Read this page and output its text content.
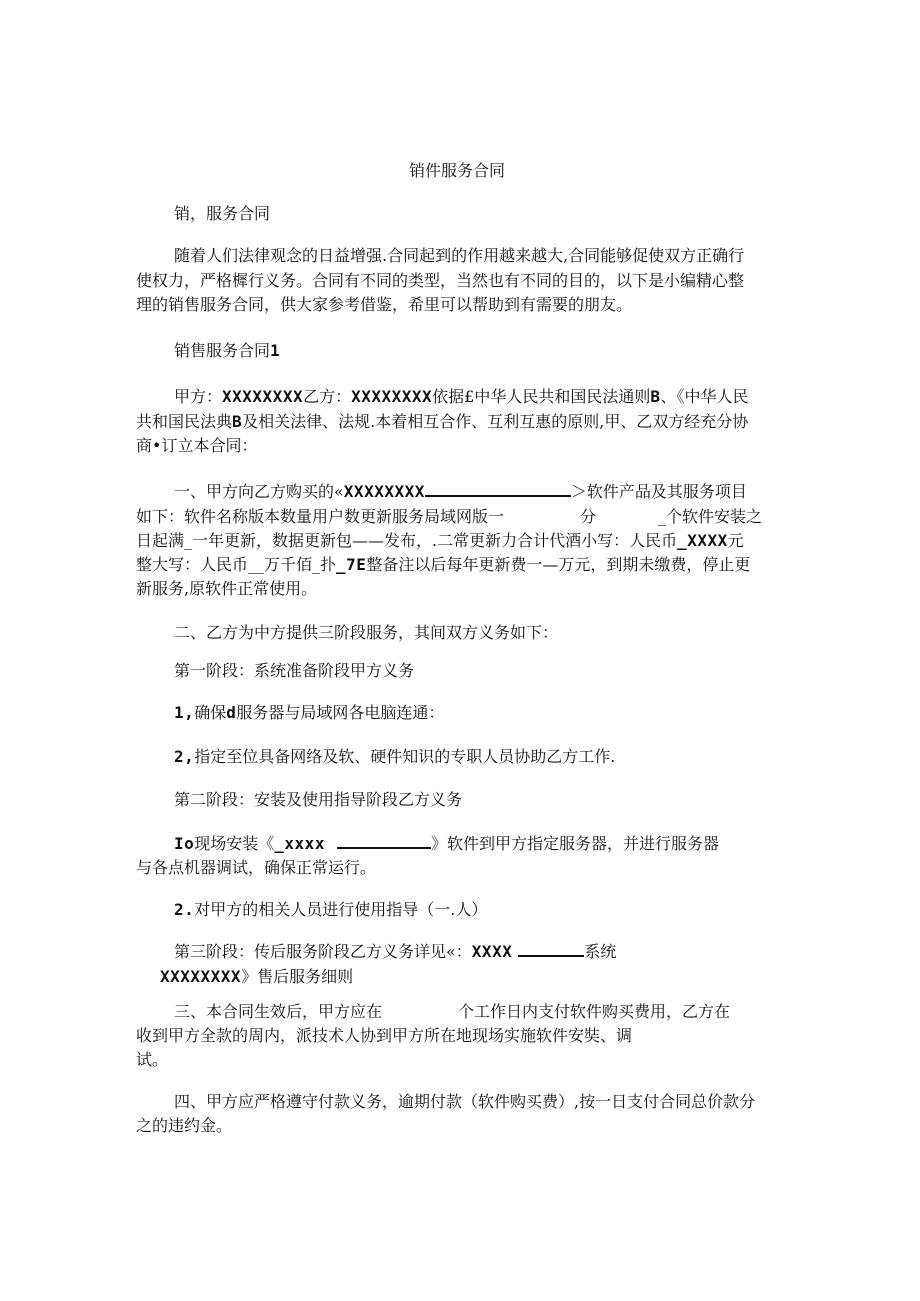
销件服务合同
销，服务合同
随着人们法律观念的日益增强.合同起到的作用越来越大,合同能够促使双方正确行
使权力，严格樨行义务。合同有不同的类型，当然也有不同的目的，以下是小编精心整
理的销售服务合同，供大家参考借鉴，希里可以帮助到有需要的朋友。
销售服务合同1
甲方：XXXXXXXX乙方：XXXXXXXX依据£中华人民共和国民法通则B、《中华人民
共和国民法典B及相关法律、法规.本着相互合作、互利互惠的原则,甲、乙双方经充分协
商•订立本合同：
一、甲方向乙方购买的«XXXXXXXX	＞软件产品及其服务项目
如下：软件名称版本数量用户数更新服务局域网版一	分	_个软件安装之
日起满_一年更新，数据更新包——发布，.二常更新力合计代酒小写：人民币_XXXX元
整大写：人民币__万千佰_扑_7E整备注以后每年更新费一—万元，到期未缴费，停止更
新服务,原软件正常使用。
二、乙方为中方提供三阶段服务，其间双方义务如下：
第一阶段：系统准备阶段甲方义务
1,确保d服务器与局域网各电脑连通：
2,指定至位具备网络及软、硬件知识的专职人员协助乙方工作.
第二阶段：安装及使用指导阶段乙方义务
Io现场安装《_xxxx	》软件到甲方指定服务器，并进行服务器
与各点机器调试，确保正常运行。
2.对甲方的相关人员进行使用指导（一.人）
第三阶段：传后服务阶段乙方义务详见«：XXXX	系统
XXXXXXXX》售后服务细则
三、本合同生效后，甲方应在	个工作日内支付软件购买费用，乙方在
收到甲方全款的周内，派技术人协到甲方所在地现场实施软件安奘、调
试。
四、甲方应严格遵守付款义务，逾期付款（软件购买费）,按一日支付合同总价款分
之的违约金。
